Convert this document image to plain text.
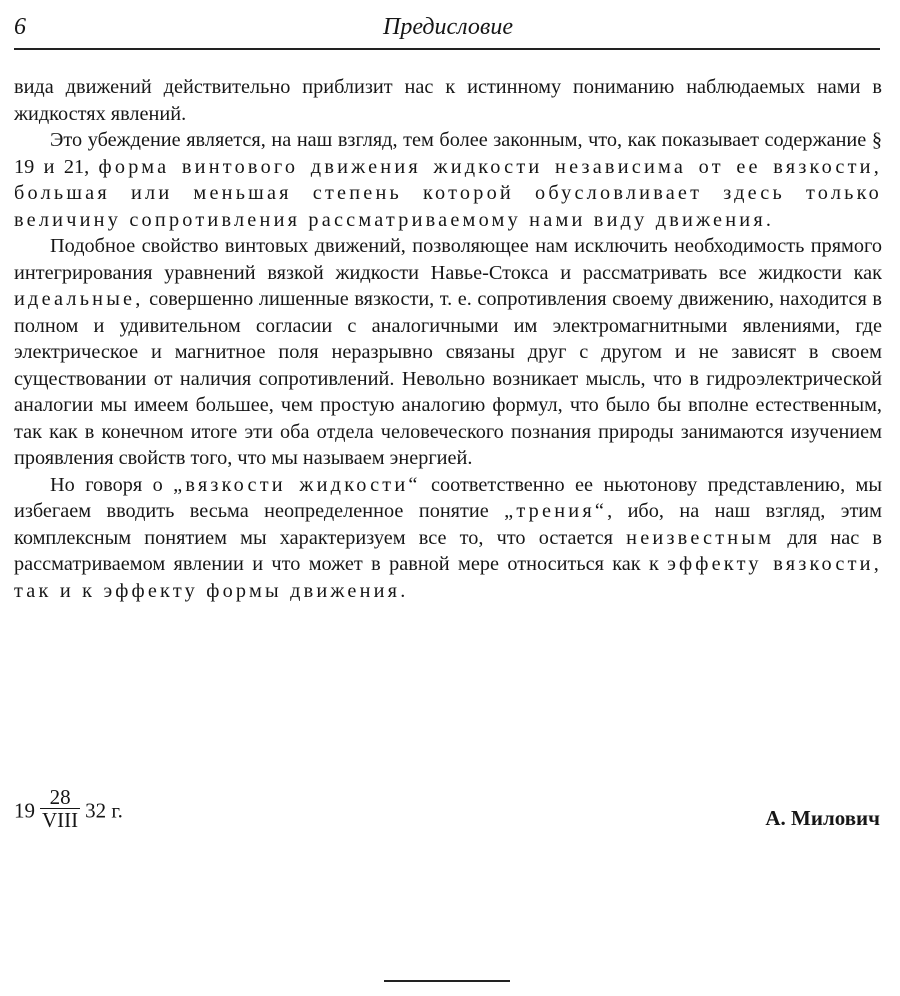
6	Предисловие

вида движений действительно приблизит нас к истинному пониманию наблюдаемых нами в жидкостях явлений.

Это убеждение является, на наш взгляд, тем более законным, что, как показывает содержание § 19 и 21, форма винтового движения жидкости независима от ее вязкости, большая или меньшая степень которой обусловливает здесь только величину сопротивления рассматриваемому нами виду движения.

Подобное свойство винтовых движений, позволяющее нам исключить необходимость прямого интегрирования уравнений вязкой жидкости Навье-Стокса и рассматривать все жидкости как идеальные, совершенно лишенные вязкости, т. е. сопротивления своему движению, находится в полном и удивительном согласии с аналогичными им электромагнитными явлениями, где электрическое и магнитное поля неразрывно связаны друг с другом и не зависят в своем существовании от наличия сопротивлений. Невольно возникает мысль, что в гидроэлектрической аналогии мы имеем большее, чем простую аналогию формул, что было бы вполне естественным, так как в конечном итоге эти оба отдела человеческого познания природы занимаются изучением проявления свойств того, что мы называем энергией.

Но говоря о „вязкости жидкости“ соответственно ее ньютонову представлению, мы избегаем вводить весьма неопределенное понятие „трения“, ибо, на наш взгляд, этим комплексным понятием мы характеризуем все то, что остается неизвестным для нас в рассматриваемом явлении и что может в равной мере относиться как к эффекту вязкости, так и к эффекту формы движения.

$19 \frac{28}{\text{VIII}} 32$ г.	А. Милович
